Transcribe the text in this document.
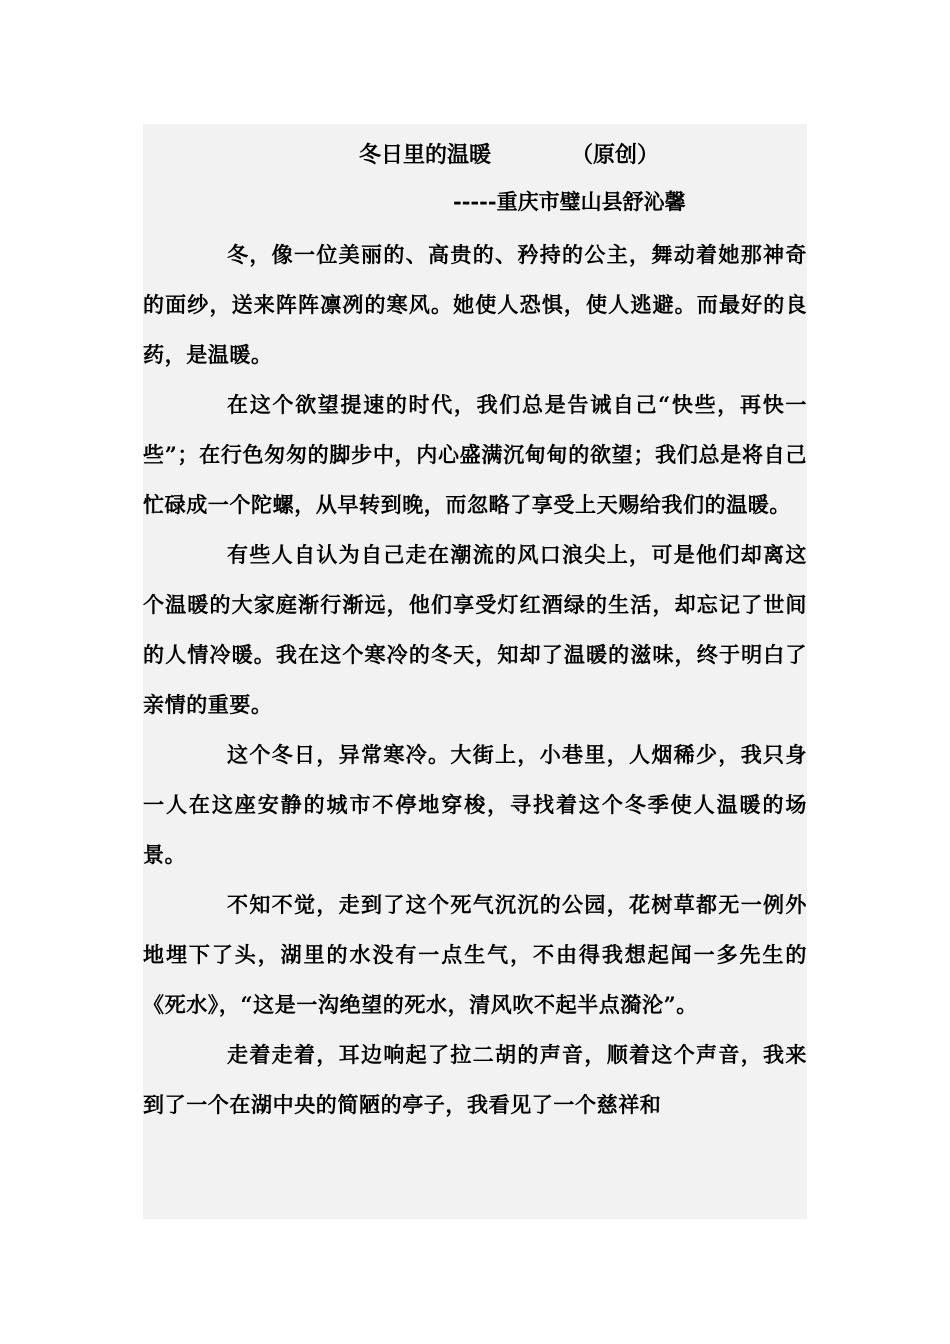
冬日里的温暖	（原创）
-----重庆市璧山县舒沁馨

冬，像一位美丽的、高贵的、矜持的公主，舞动着她那神奇的面纱，送来阵阵凛冽的寒风。她使人恐惧，使人逃避。而最好的良药，是温暖。

在这个欲望提速的时代，我们总是告诫自己“快些，再快一些”；在行色匆匆的脚步中，内心盛满沉甸甸的欲望；我们总是将自己忙碌成一个陀螺，从早转到晚，而忽略了享受上天赐给我们的温暖。

有些人自认为自己走在潮流的风口浪尖上，可是他们却离这个温暖的大家庭渐行渐远，他们享受灯红酒绿的生活，却忘记了世间的人情冷暖。我在这个寒冷的冬天，知却了温暖的滋味，终于明白了亲情的重要。

这个冬日，异常寒冷。大街上，小巷里，人烟稀少，我只身一人在这座安静的城市不停地穿梭，寻找着这个冬季使人温暖的场景。

不知不觉，走到了这个死气沉沉的公园，花树草都无一例外地埋下了头，湖里的水没有一点生气，不由得我想起闻一多先生的《死水》，“这是一沟绝望的死水，清风吹不起半点漪沦”。

走着走着，耳边响起了拉二胡的声音，顺着这个声音，我来到了一个在湖中央的简陋的亭子，我看见了一个慈祥和
